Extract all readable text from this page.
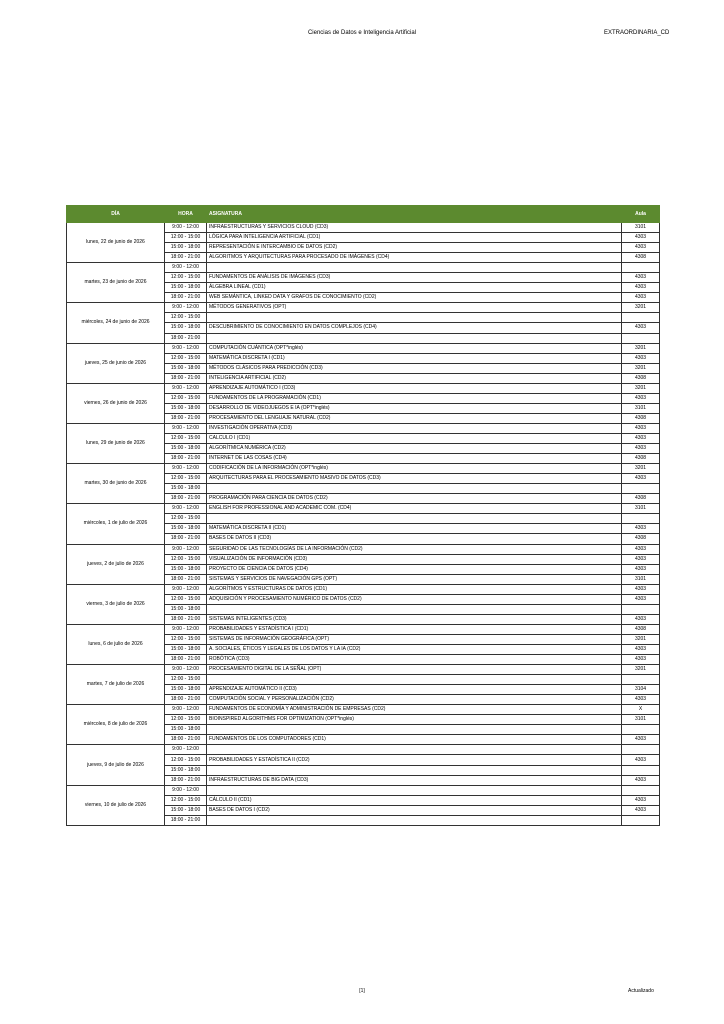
Ciencias de Datos e Inteligencia Artificial	EXTRAORDINARIA_CD
DÍA	HORA	ASIGNATURA	Aula
lunes, 22 de junio de 2026	9:00 - 12:00	INFRAESTRUCTURAS Y SERVICIOS CLOUD (CD3)	3101
	12:00 - 15:00	LÓGICA PARA INTELIGENCIA ARTIFICIAL (CD1)	4303
	15:00 - 18:00	REPRESENTACIÓN E INTERCAMBIO DE DATOS (CD2)	4303
	18:00 - 21:00	ALGORITMOS Y ARQUITECTURAS PARA PROCESADO DE IMÁGENES (CD4)	4308
martes, 23 de junio de 2026	9:00 - 12:00		
	12:00 - 15:00	FUNDAMENTOS DE ANÁLISIS DE IMÁGENES (CD3)	4303
	15:00 - 18:00	ÁLGEBRA LINEAL (CD1)	4303
	18:00 - 21:00	WEB SEMÁNTICA, LINKED DATA Y GRAFOS DE CONOCIMIENTO (CD2)	4303
miércoles, 24 de junio de 2026	9:00 - 12:00	MÉTODOS GENERATIVOS (OPT)	3201
	12:00 - 15:00		
	15:00 - 18:00	DESCUBRIMIENTO DE CONOCIMIENTO EN DATOS COMPLEJOS (CD4)	4303
	18:00 - 21:00		
jueves, 25 de junio de 2026	9:00 - 12:00	COMPUTACIÓN CUÁNTICA (OPT*inglés)	3201
	12:00 - 15:00	MATEMÁTICA DISCRETA I (CD1)	4303
	15:00 - 18:00	MÉTODOS CLÁSICOS PARA PREDICCIÓN (CD3)	3201
	18:00 - 21:00	INTELIGENCIA ARTIFICIAL (CD2)	4308
viernes, 26 de junio de 2026	9:00 - 12:00	APRENDIZAJE AUTOMÁTICO I (CD3)	3201
	12:00 - 15:00	FUNDAMENTOS DE LA PROGRAMACIÓN (CD1)	4303
	15:00 - 18:00	DESARROLLO DE VIDEOJUEGOS E IA (OPT*inglés)	3101
	18:00 - 21:00	PROCESAMIENTO DEL LENGUAJE NATURAL (CD2)	4308
lunes, 29 de junio de 2026	9:00 - 12:00	INVESTIGACIÓN OPERATIVA (CD3)	4303
	12:00 - 15:00	CALCULO I (CD1)	4303
	15:00 - 18:00	ALGORÍTMICA NUMÉRICA (CD2)	4303
	18:00 - 21:00	INTERNET DE LAS COSAS (CD4)	4308
martes, 30 de junio de 2026	9:00 - 12:00	CODIFICACIÓN DE LA INFORMACIÓN (OPT*inglés)	3201
	12:00 - 15:00	ARQUITECTURAS PARA EL PROCESAMIENTO MASIVO DE DATOS (CD3)	4303
	15:00 - 18:00		
	18:00 - 21:00	PROGRAMACIÓN PARA CIENCIA DE DATOS (CD2)	4308
miércoles, 1 de julio de 2026	9:00 - 12:00	ENGLISH FOR PROFESSIONAL AND ACADEMIC COM. (CD4)	3101
	12:00 - 15:00		
	15:00 - 18:00	MATEMÁTICA DISCRETA II (CD1)	4303
	18:00 - 21:00	BASES DE DATOS II (CD3)	4308
jueves, 2 de julio de 2026	9:00 - 12:00	SEGURIDAD DE LAS TECNOLOGÍAS DE LA INFORMACIÓN (CD2)	4303
	12:00 - 15:00	VISUALIZACIÓN DE INFORMACIÓN (CD3)	4303
	15:00 - 18:00	PROYECTO DE CIENCIA DE DATOS (CD4)	4303
	18:00 - 21:00	SISTEMAS Y SERVICIOS DE NAVEGACIÓN GPS (OPT)	3101
viernes, 3 de julio de 2026	9:00 - 12:00	ALGORÍTMOS Y ESTRUCTURAS DE DATOS (CD1)	4303
	12:00 - 15:00	ADQUISICIÓN Y PROCESAMIENTO NUMÉRICO DE DATOS (CD2)	4303
	15:00 - 18:00		
	18:00 - 21:00	SISTEMAS INTELIGENTES (CD3)	4303
lunes, 6 de julio de 2026	9:00 - 12:00	PROBABILIDADES Y ESTADÍSTICA I (CD1)	4308
	12:00 - 15:00	SISTEMAS DE INFORMACIÓN GEOGRÁFICA (OPT)	3201
	15:00 - 18:00	A. SOCIALES, ÉTICOS Y LEGALES DE LOS DATOS Y LA IA (CD2)	4303
	18:00 - 21:00	ROBÓTICA (CD3)	4303
martes, 7 de julio de 2026	9:00 - 12:00	PROCESAMIENTO DIGITAL DE LA SEÑAL (OPT)	3201
	12:00 - 15:00		
	15:00 - 18:00	APRENDIZAJE AUTOMÁTICO II (CD3)	3104
	18:00 - 21:00	COMPUTACIÓN SOCIAL Y PERSONALIZACIÓN (CD2)	4303
miércoles, 8 de julio de 2026	9:00 - 12:00	FUNDAMENTOS DE ECONOMÍA Y ADMINISTRACIÓN DE EMPRESAS (CD2)	X
	12:00 - 15:00	BIOINSPIRED ALGORITHMS FOR OPTIMIZATION (OPT*inglés)	3101
	15:00 - 18:00		
	18:00 - 21:00	FUNDAMENTOS DE LOS COMPUTADORES (CD1)	4303
jueves, 9 de julio de 2026	9:00 - 12:00		
	12:00 - 15:00	PROBABILIDADES Y ESTADÍSTICA II (CD2)	4303
	15:00 - 18:00		
	18:00 - 21:00	INFRAESTRUCTURAS DE BIG DATA (CD3)	4303
viernes, 10 de julio de 2026	9:00 - 12:00		
	12:00 - 15:00	CÁLCULO II (CD1)	4303
	15:00 - 18:00	BASES DE DATOS I (CD2)	4303
	18:00 - 21:00		
[1]	Actualizado
